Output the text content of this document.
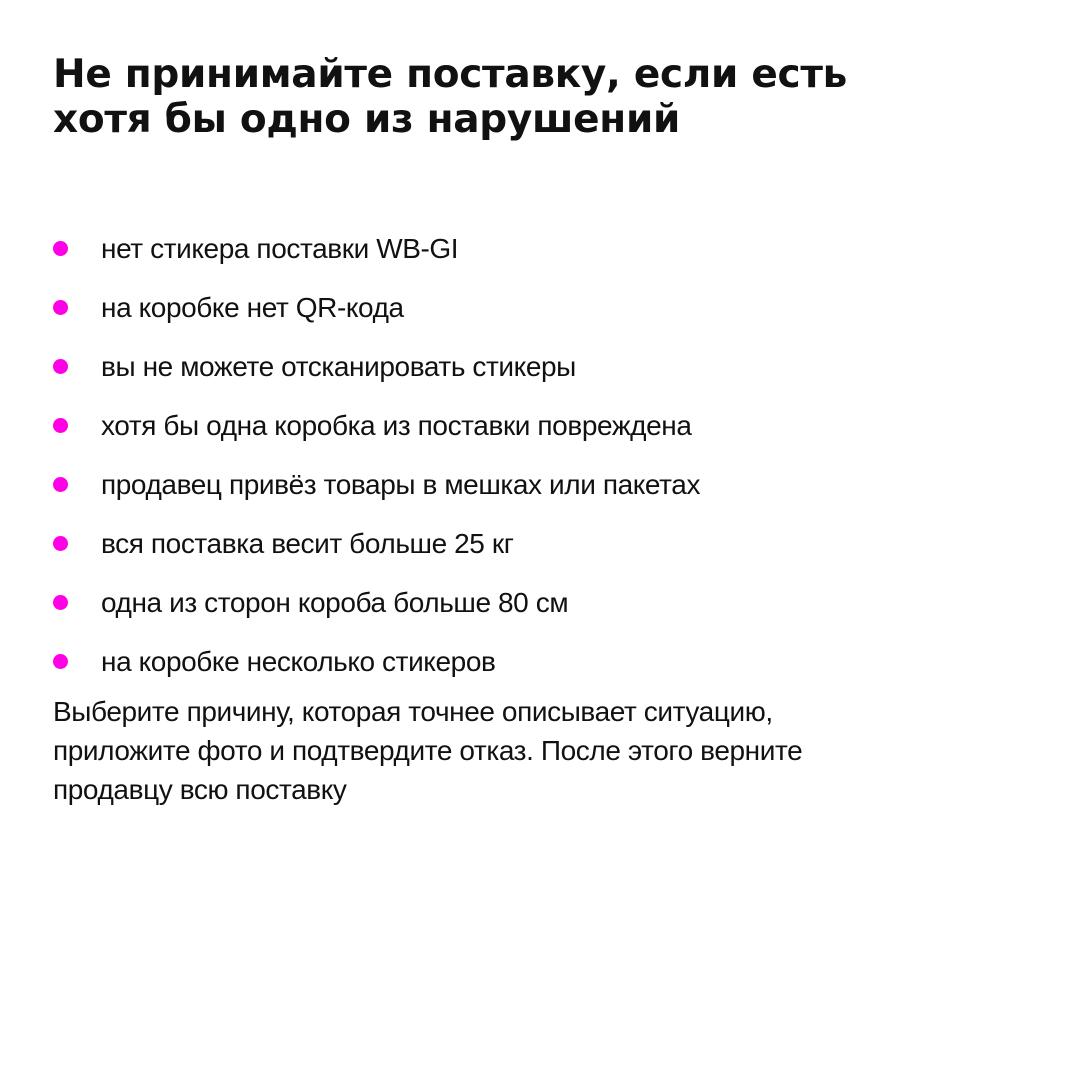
Не принимайте поставку, если есть
хотя бы одно из нарушений
нет стикера поставки WB-GI
на коробке нет QR-кода
вы не можете отсканировать стикеры
хотя бы одна коробка из поставки повреждена
продавец привёз товары в мешках или пакетах
вся поставка весит больше 25 кг
одна из сторон короба больше 80 см
на коробке несколько стикеров

Выберите причину, которая точнее описывает ситуацию,
приложите фото и подтвердите отказ. После этого верните
продавцу всю поставку
